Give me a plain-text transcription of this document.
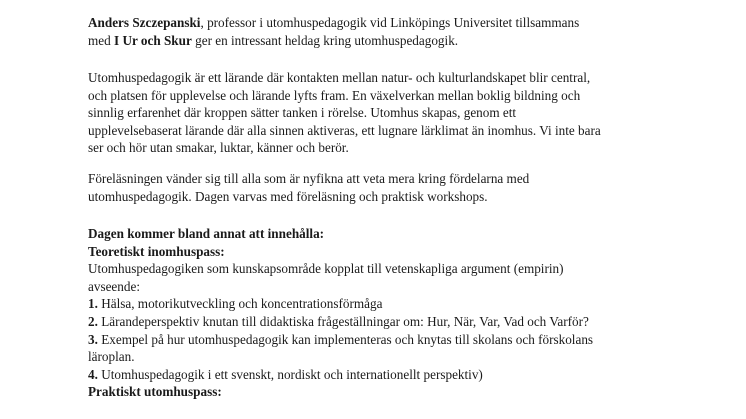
Anders Szczepanski, professor i utomhuspedagogik vid Linköpings Universitet tillsammans
med I Ur och Skur ger en intressant heldag kring utomhuspedagogik.

Utomhuspedagogik är ett lärande där kontakten mellan natur- och kulturlandskapet blir central,
och platsen för upplevelse och lärande lyfts fram. En växelverkan mellan boklig bildning och
sinnlig erfarenhet där kroppen sätter tanken i rörelse. Utomhus skapas, genom ett
upplevelsebaserat lärande där alla sinnen aktiveras, ett lugnare lärklimat än inomhus. Vi inte bara
ser och hör utan smakar, luktar, känner och berör.

Föreläsningen vänder sig till alla som är nyfikna att veta mera kring fördelarna med
utomhuspedagogik. Dagen varvas med föreläsning och praktisk workshops.

Dagen kommer bland annat att innehålla:
Teoretiskt inomhuspass:
Utomhuspedagogiken som kunskapsområde kopplat till vetenskapliga argument (empirin)
avseende:
1. Hälsa, motorikutveckling och koncentrationsförmåga
2. Lärandeperspektiv knutan till didaktiska frågeställningar om: Hur, När, Var, Vad och Varför?
3. Exempel på hur utomhuspedagogik kan implementeras och knytas till skolans och förskolans
läroplan.
4. Utomhuspedagogik i ett svenskt, nordiskt och internationellt perspektiv)
Praktiskt utomhuspass:
